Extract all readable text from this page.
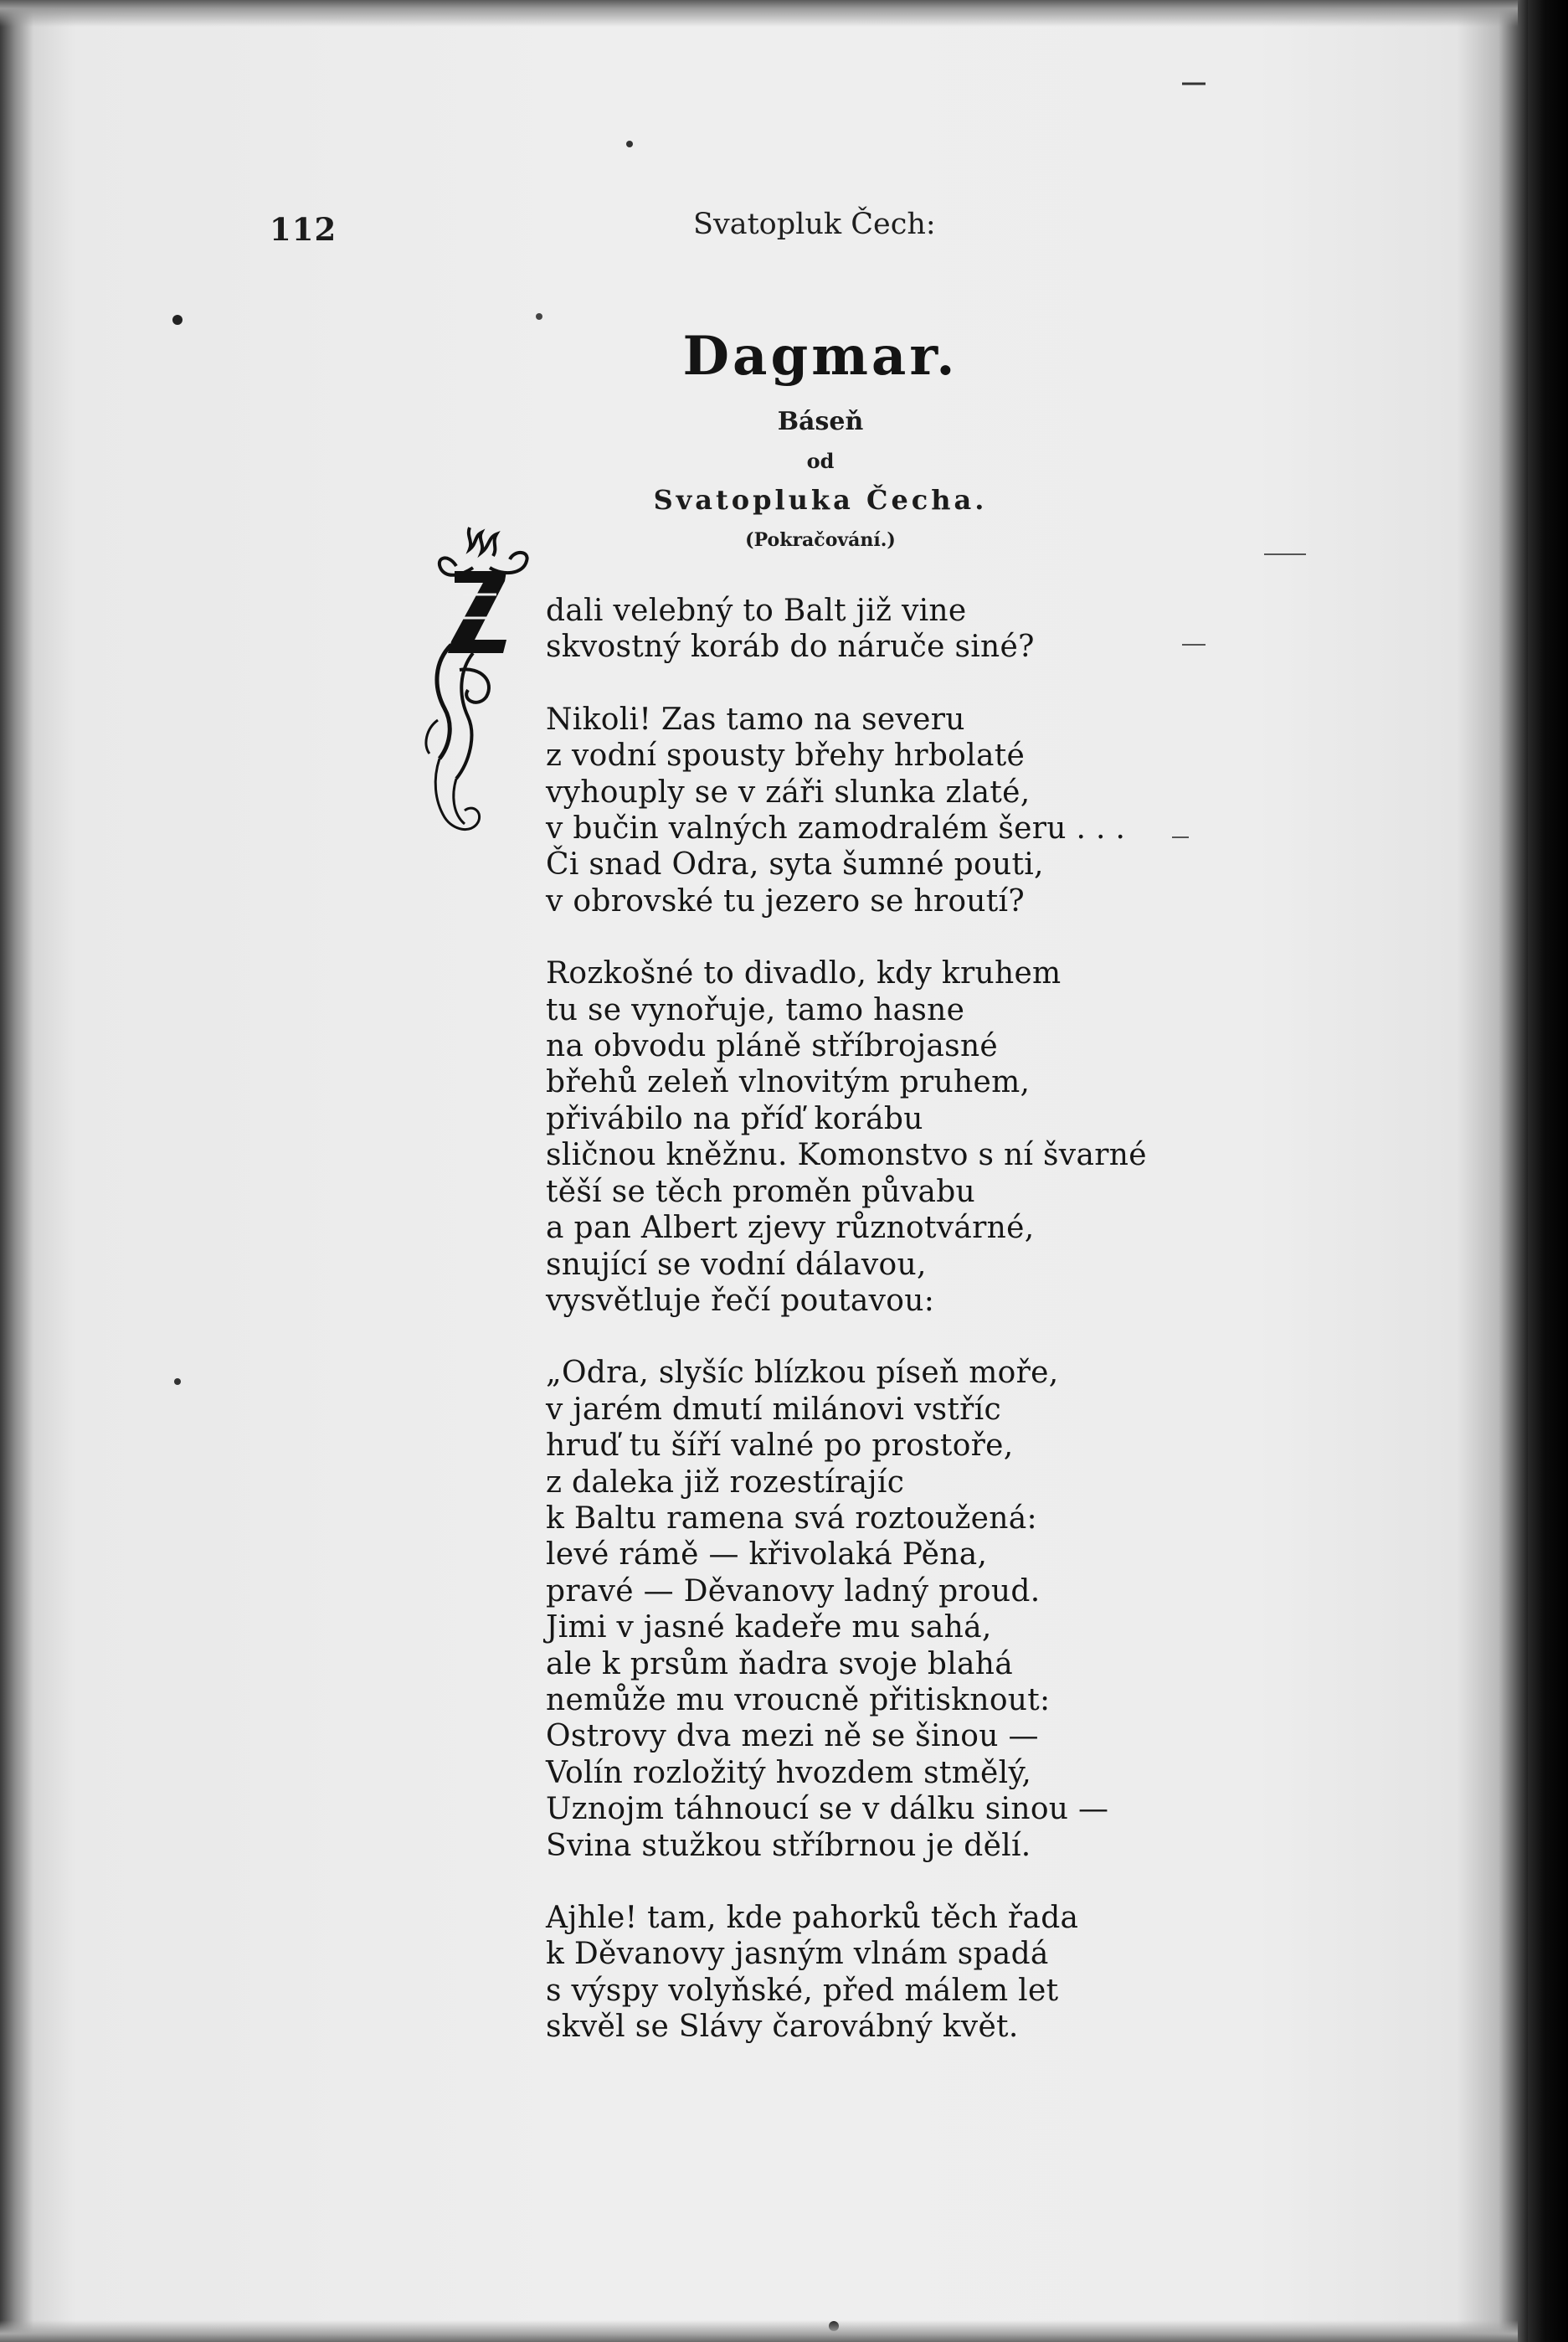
112	Svatopluk Čech:
Dagmar.

Báseň

od

Svatopluka Čecha.

(Pokračování.)

dali velebný to Balt již vine
skvostný koráb do náruče siné?

Nikoli! Zas tamo na severu
z vodní spousty břehy hrbolaté
vyhouply se v záři slunka zlaté,
v bučin valných zamodralém šeru . . .
Či snad Odra, syta šumné pouti,
v obrovské tu jezero se hroutí?

Rozkošné to divadlo, kdy kruhem
tu se vynořuje, tamo hasne
na obvodu pláně stříbrojasné
břehů zeleň vlnovitým pruhem,
přivábilo na příď korábu
sličnou kněžnu. Komonstvo s ní švarné
těší se těch proměn půvabu
a pan Albert zjevy různotvárné,
snující se vodní dálavou,
vysvětluje řečí poutavou:

„Odra, slyšíc blízkou píseň moře,
v jarém dmutí milánovi vstříc
hruď tu šíří valné po prostoře,
z daleka již rozestírajíc
k Baltu ramena svá roztoužená:
levé rámě — křivolaká Pěna,
pravé — Děvanovy ladný proud.
Jimi v jasné kadeře mu sahá,
ale k prsům ňadra svoje blahá
nemůže mu vroucně přitisknout:
Ostrovy dva mezi ně se šinou —
Volín rozložitý hvozdem stmělý,
Uznojm táhnoucí se v dálku sinou —
Svina stužkou stříbrnou je dělí.

Ajhle! tam, kde pahorků těch řada
k Děvanovy jasným vlnám spadá
s výspy volyňské, před málem let
skvěl se Slávy čarovábný květ.
